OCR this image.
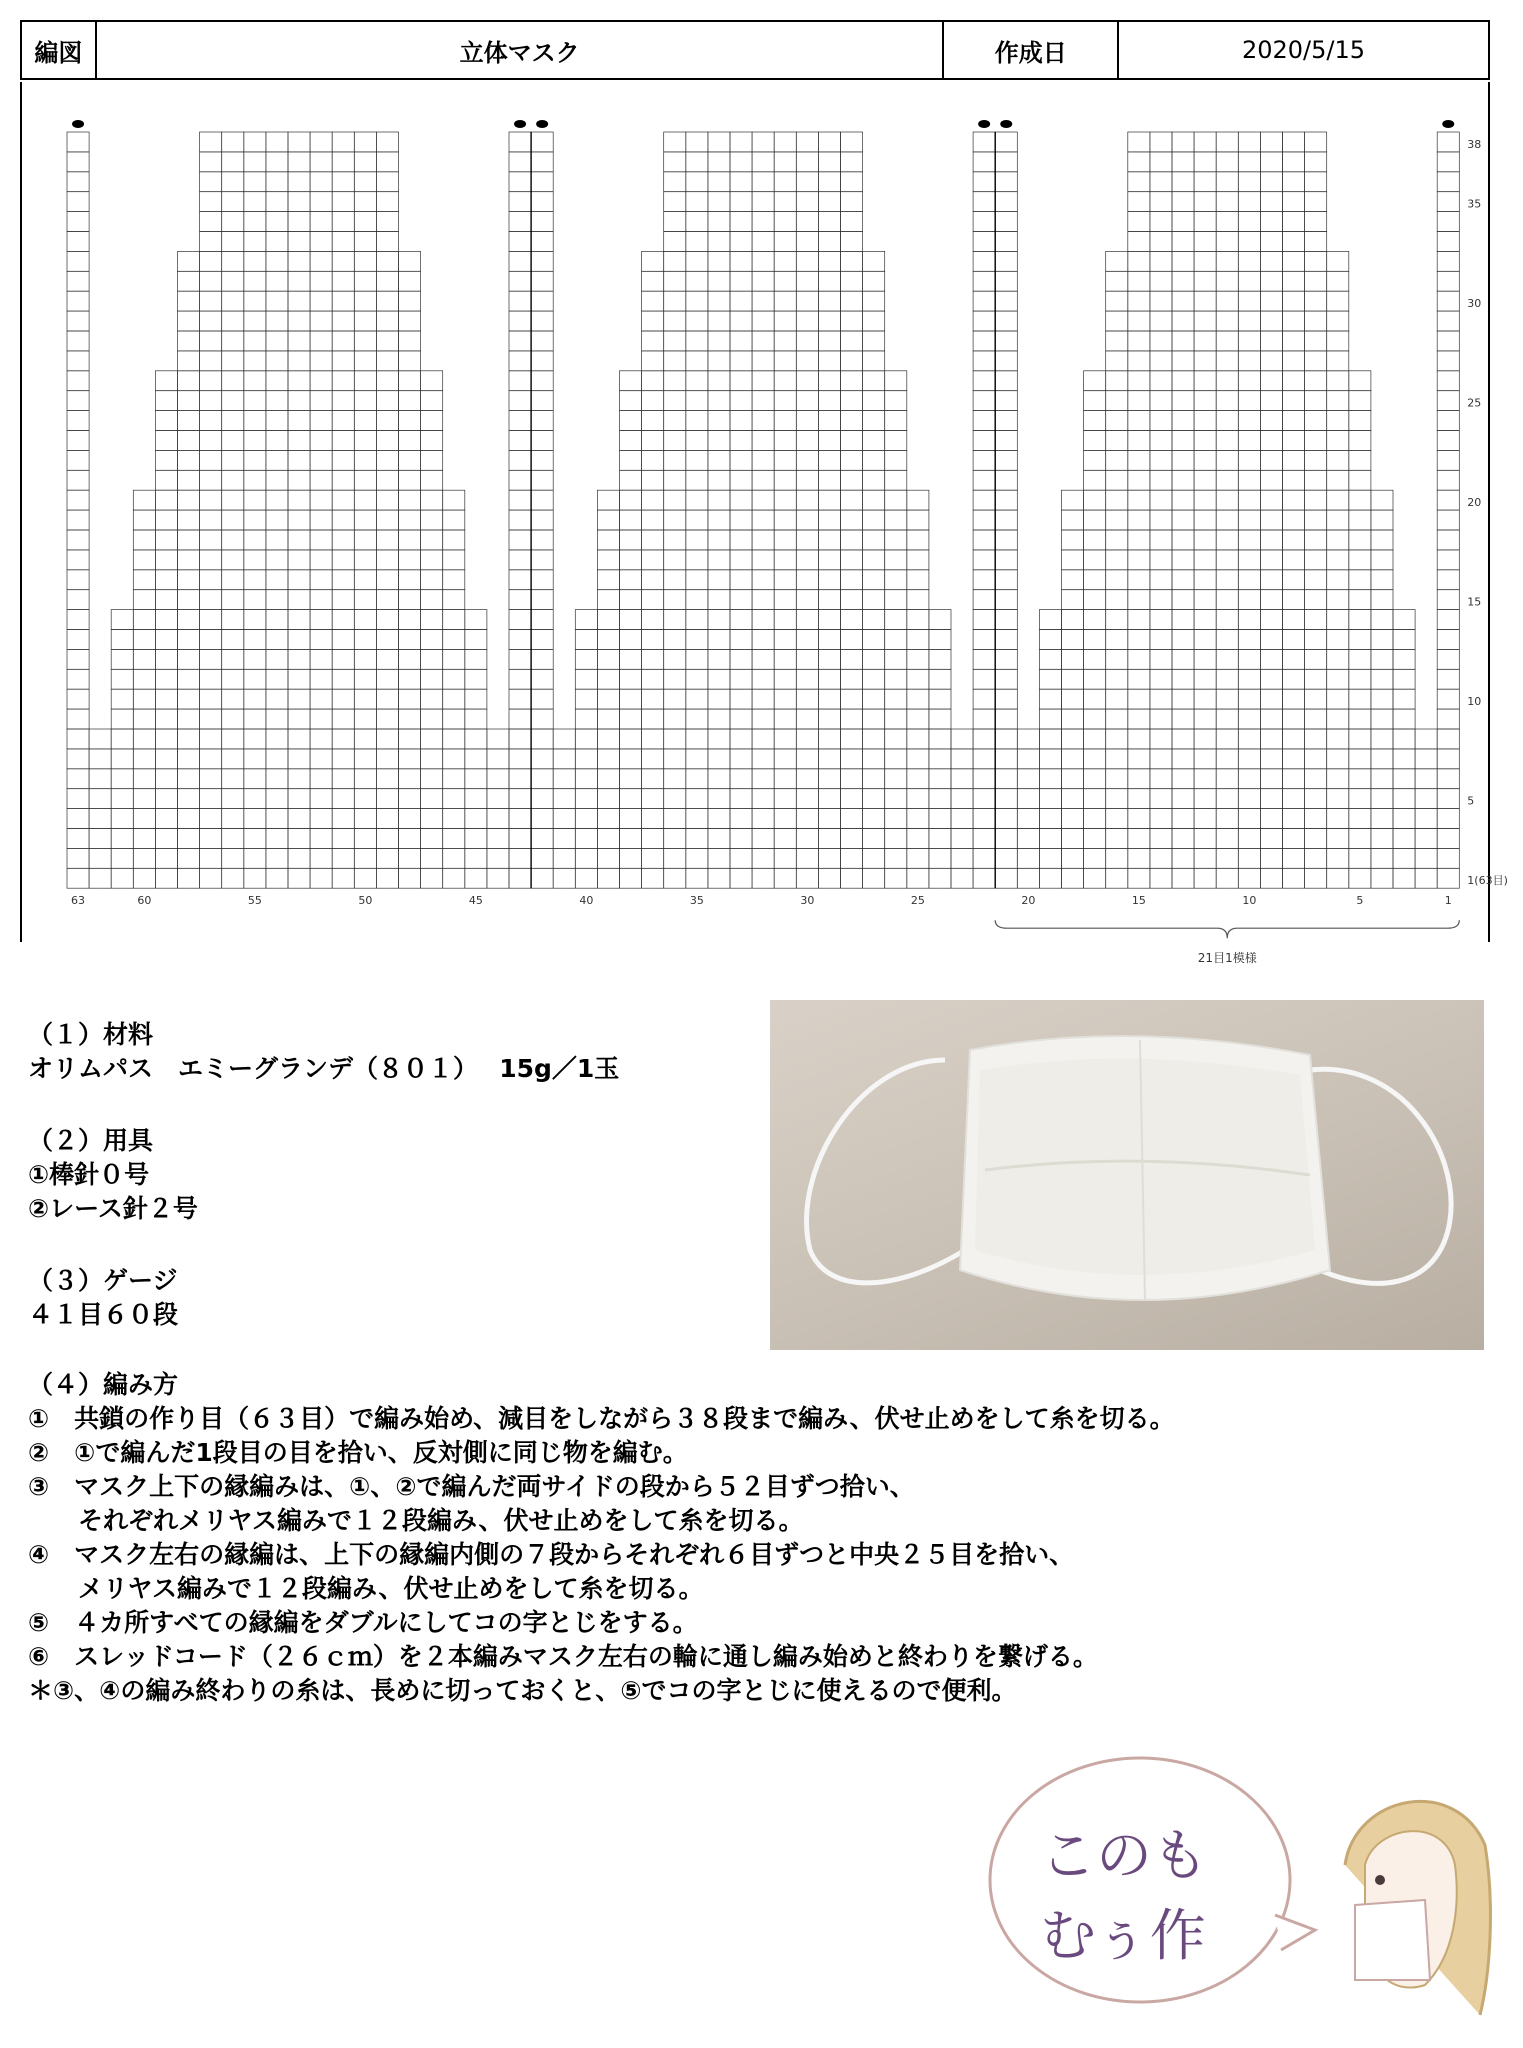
編図	立体マスク	作成日	2020/5/15
63	60	55	50	45	40	35	30	25	20	15	10	5	1
38
35
30
25
20
15
10
5
1(63目)
21目1模様
（１）材料
オリムパス　エミーグランデ（８０１）　 15g／1玉
（２）用具
①棒針０号
②レース針２号
（３）ゲージ
４１目６０段
（４）編み方
①　共鎖の作り目（６３目）で編み始め、減目をしながら３８段まで編み、伏せ止めをして糸を切る。
②　①で編んだ1段目の目を拾い、反対側に同じ物を編む。
③　マスク上下の縁編みは、①、②で編んだ両サイドの段から５２目ずつ拾い、
　　それぞれメリヤス編みで１２段編み、伏せ止めをして糸を切る。
④　マスク左右の縁編は、上下の縁編内側の７段からそれぞれ６目ずつと中央２５目を拾い、
　　メリヤス編みで１２段編み、伏せ止めをして糸を切る。
⑤　４カ所すべての縁編をダブルにしてコの字とじをする。
⑥　スレッドコード（２６ｃｍ）を２本編みマスク左右の輪に通し編み始めと終わりを繋げる。
＊③、④の編み終わりの糸は、長めに切っておくと、⑤でコの字とじに使えるので便利。
このも
むぅ作
